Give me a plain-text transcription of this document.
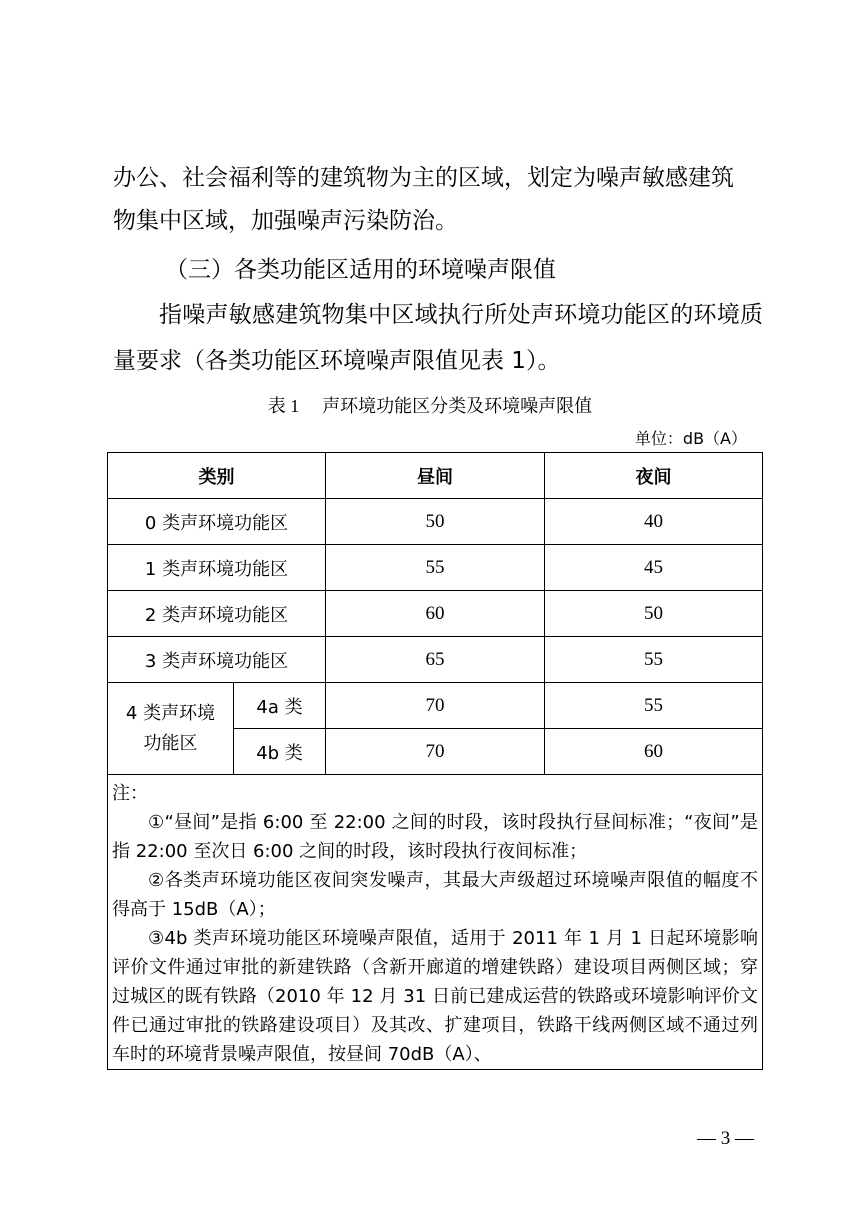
办公、社会福利等的建筑物为主的区域，划定为噪声敏感建筑

物集中区域，加强噪声污染防治。

（三）各类功能区适用的环境噪声限值

指噪声敏感建筑物集中区域执行所处声环境功能区的环境质量要求（各类功能区环境噪声限值见表 1）。

表 1 声环境功能区分类及环境噪声限值
单位：dB（A）
类别		昼间	夜间
0 类声环境功能区		50	40
1 类声环境功能区		55	45
2 类声环境功能区		60	50
3 类声环境功能区		65	55
4 类声环境功能区	4a 类	70	55
	4b 类	70	60

注：

①“昼间”是指 6:00 至 22:00 之间的时段，该时段执行昼间标准；“夜间”是指 22:00 至次日 6:00 之间的时段，该时段执行夜间标准；

②各类声环境功能区夜间突发噪声，其最大声级超过环境噪声限值的幅度不得高于 15dB（A）；

③4b 类声环境功能区环境噪声限值，适用于 2011 年 1 月 1 日起环境影响评价文件通过审批的新建铁路（含新开廊道的增建铁路）建设项目两侧区域；穿过城区的既有铁路（2010 年 12 月 31 日前已建成运营的铁路或环境影响评价文件已通过审批的铁路建设项目）及其改、扩建项目，铁路干线两侧区域不通过列车时的环境背景噪声限值，按昼间 70dB（A）、			

— 3 —
